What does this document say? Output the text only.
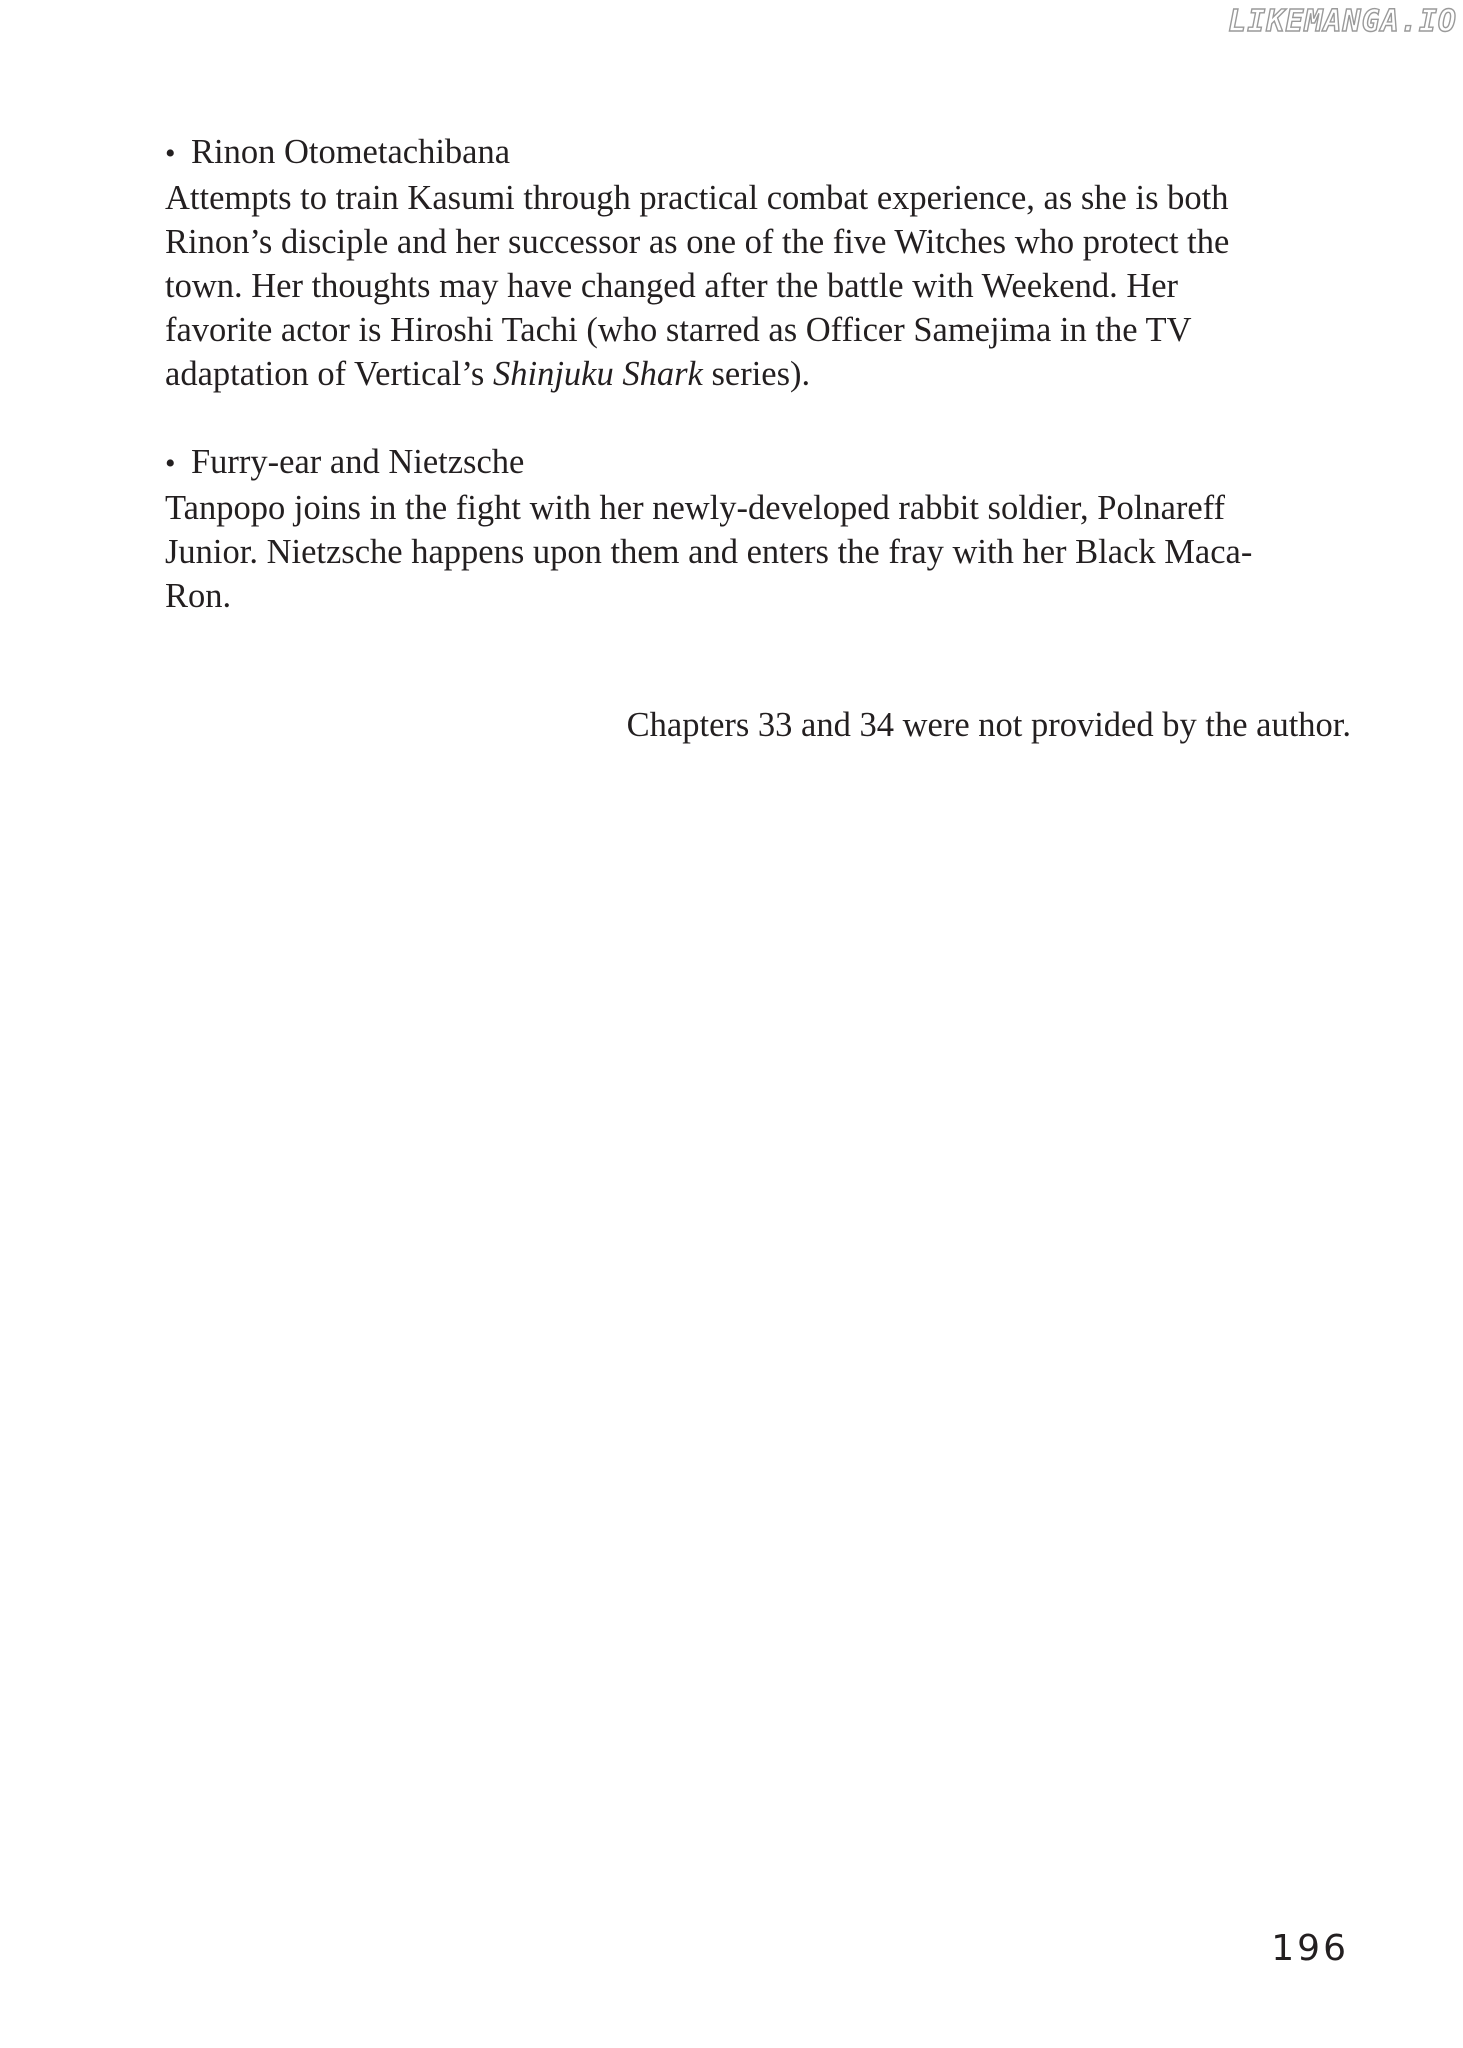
LIKEMANGA.IO
• Rinon Otometachibana
Attempts to train Kasumi through practical combat experience, as she is both
Rinon’s disciple and her successor as one of the five Witches who protect the
town. Her thoughts may have changed after the battle with Weekend. Her
favorite actor is Hiroshi Tachi (who starred as Officer Samejima in the TV
adaptation of Vertical’s Shinjuku Shark series).
• Furry-ear and Nietzsche
Tanpopo joins in the fight with her newly-developed rabbit soldier, Polnareff
Junior. Nietzsche happens upon them and enters the fray with her Black Maca-
Ron.
Chapters 33 and 34 were not provided by the author.
196
